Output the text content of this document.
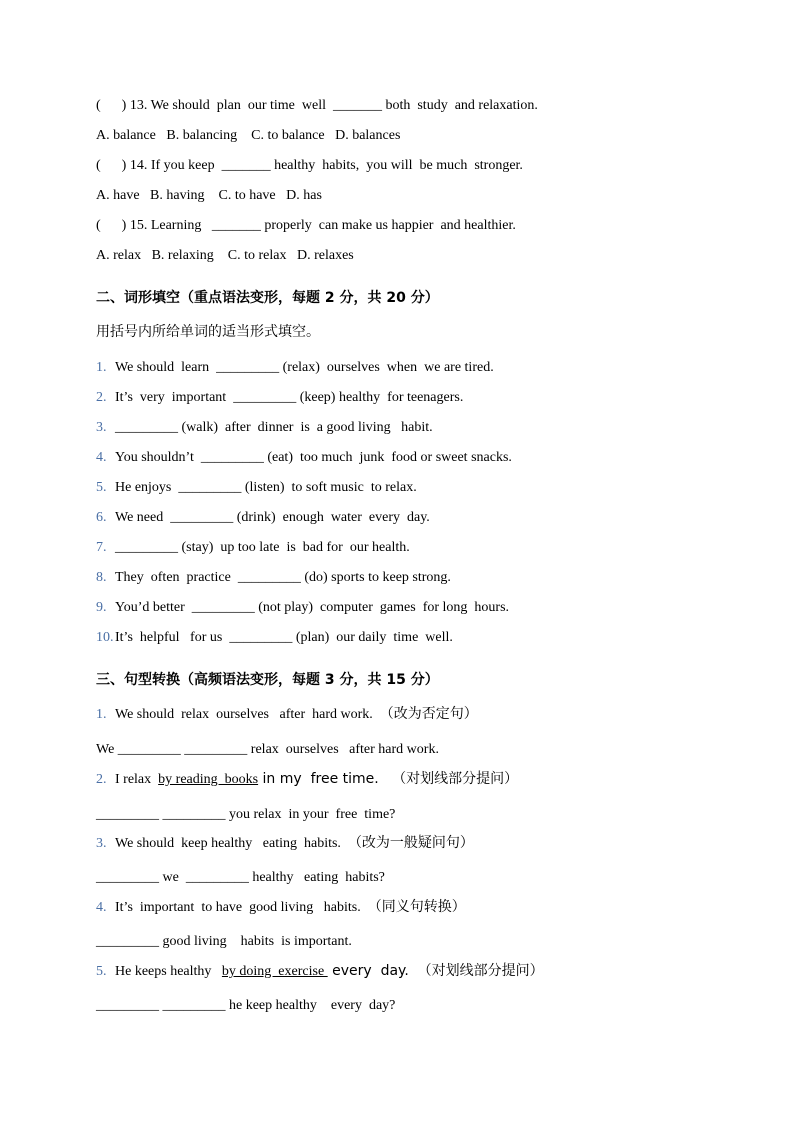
(      ) 13. We should  plan  our time  well  _______ both  study  and relaxation.
A. balance   B. balancing    C. to balance   D. balances
(      ) 14. If you keep  _______ healthy  habits,  you will  be much  stronger.
A. have   B. having    C. to have   D. has
(      ) 15. Learning   _______ properly  can make us happier  and healthier.
A. relax   B. relaxing    C. to relax   D. relaxes
二、词形填空（重点语法变形，每题 2 分，共 20 分）
用括号内所给单词的适当形式填空。
1. We should  learn  _________ (relax)  ourselves  when  we are tired.
2. It’s  very  important  _________ (keep) healthy  for teenagers.
3. _________ (walk)  after  dinner  is  a good living   habit.
4. You shouldn’t  _________ (eat)  too much  junk  food or sweet snacks.
5. He enjoys  _________ (listen)  to soft music  to relax.
6. We need  _________ (drink)  enough  water  every  day.
7. _________ (stay)  up too late  is  bad for  our health.
8. They  often  practice  _________ (do) sports to keep strong.
9. You’d better  _________ (not play)  computer  games  for long  hours.
10. It’s  helpful   for us  _________ (plan)  our daily  time  well.
三、句型转换（高频语法变形，每题 3 分，共 15 分）
1. We should  relax  ourselves   after  hard work.  （改为否定句）
We _________ _________ relax  ourselves   after hard work.
2. I relax  by reading  books in my  free time.   （对划线部分提问）
_________ _________ you relax  in your  free  time?
3. We should  keep healthy   eating  habits.  （改为一般疑问句）
_________ we  _________ healthy   eating  habits?
4. It’s  important  to have  good living   habits.  （同义句转换）
_________ good living    habits  is important.
5. He keeps healthy   by doing  exercise  every  day.  （对划线部分提问）
_________ _________ he keep healthy    every  day?
